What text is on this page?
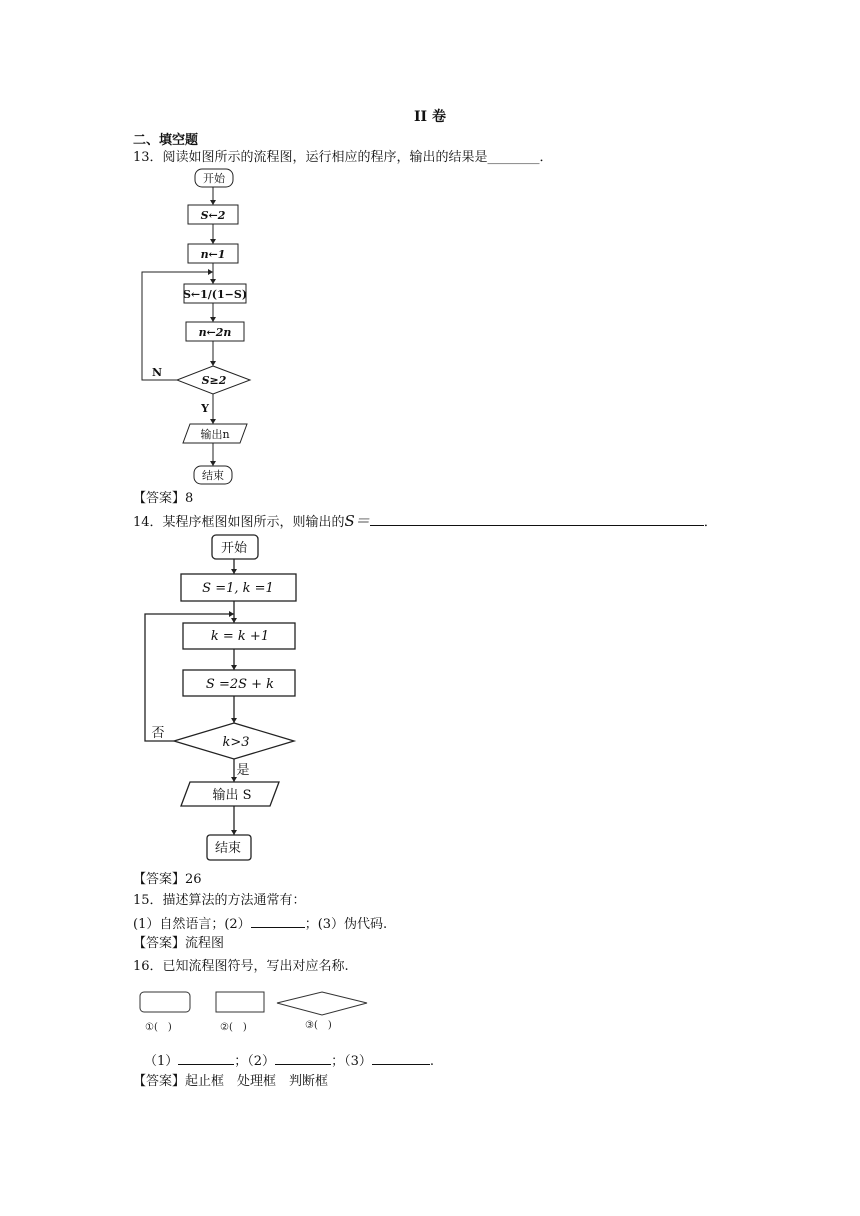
II 卷
二、填空题
13．阅读如图所示的流程图，运行相应的程序，输出的结果是________．
开始
S←2
n←1
S←1/(1−S)
n←2n
S≥2
输出n
结束
N
Y
【答案】8
14．某程序框图如图所示，则输出的S＝	．
开始
S =1, k =1
k = k +1
S =2S + k
k>3
输出 S
结束
否
是
【答案】26
15．描述算法的方法通常有：
(1）自然语言；(2）	；(3）伪代码.
【答案】流程图
16．已知流程图符号，写出对应名称.
①(　)	②(　)	③(　)
（1）	；（2）	；（3）	.
【答案】起止框　处理框　判断框
